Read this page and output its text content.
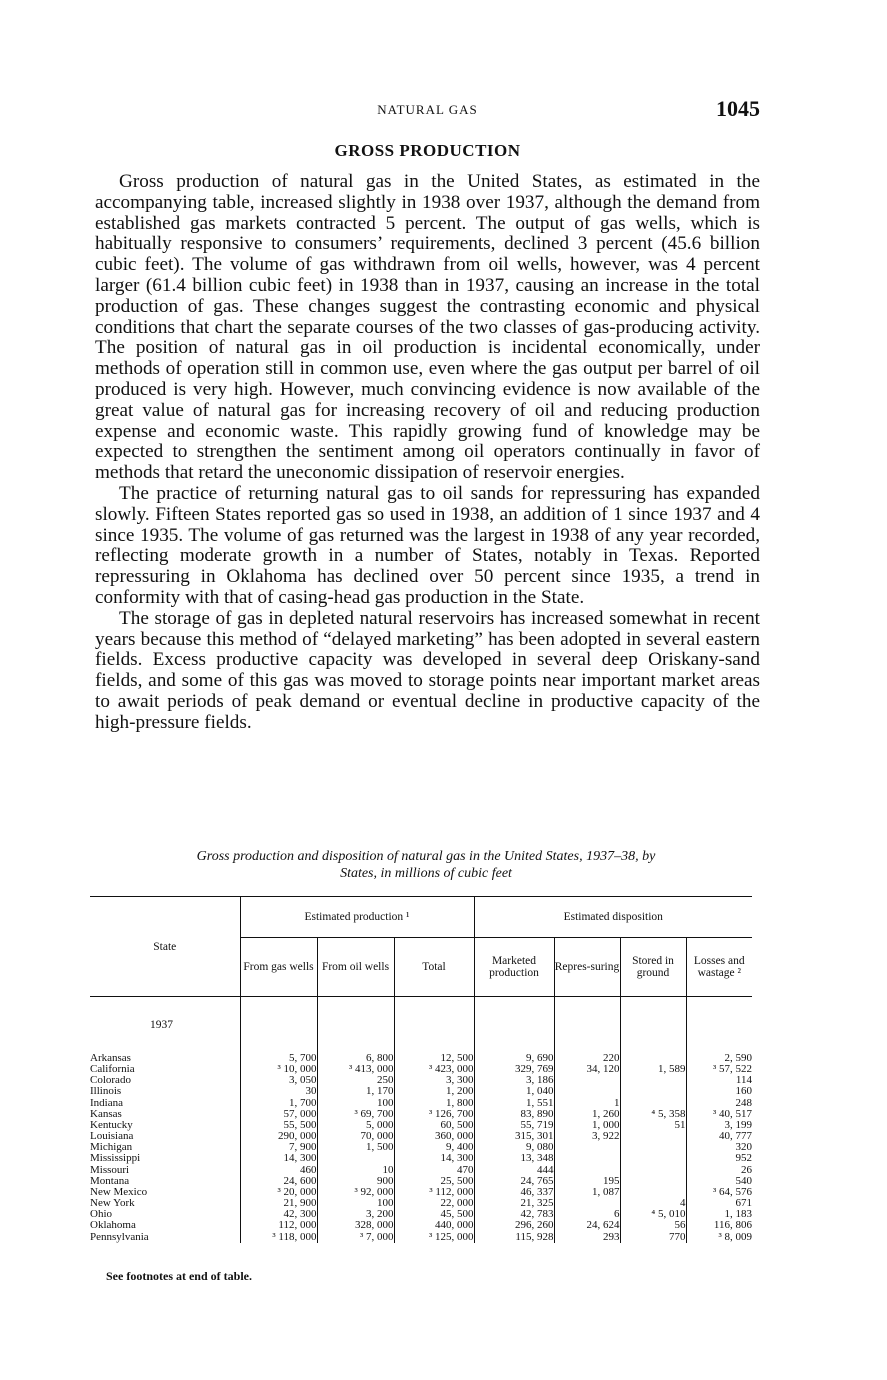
NATURAL GAS	1045
GROSS PRODUCTION

Gross production of natural gas in the United States, as estimated in the accompanying table, increased slightly in 1938 over 1937, although the demand from established gas markets contracted 5 percent. The output of gas wells, which is habitually responsive to consumers’ requirements, declined 3 percent (45.6 billion cubic feet). The volume of gas withdrawn from oil wells, however, was 4 percent larger (61.4 billion cubic feet) in 1938 than in 1937, causing an increase in the total production of gas. These changes suggest the contrasting economic and physical conditions that chart the separate courses of the two classes of gas-producing activity. The position of natural gas in oil production is incidental economically, under methods of operation still in common use, even where the gas output per barrel of oil produced is very high. However, much convincing evidence is now available of the great value of natural gas for increasing recovery of oil and reducing production expense and economic waste. This rapidly growing fund of knowledge may be expected to strengthen the sentiment among oil operators continually in favor of methods that retard the uneconomic dissipation of reservoir energies.

The practice of returning natural gas to oil sands for repressuring has expanded slowly. Fifteen States reported gas so used in 1938, an addition of 1 since 1937 and 4 since 1935. The volume of gas returned was the largest in 1938 of any year recorded, reflecting moderate growth in a number of States, notably in Texas. Reported repressuring in Oklahoma has declined over 50 percent since 1935, a trend in conformity with that of casing-head gas production in the State.

The storage of gas in depleted natural reservoirs has increased somewhat in recent years because this method of “delayed marketing” has been adopted in several eastern fields. Excess productive capacity was developed in several deep Oriskany-sand fields, and some of this gas was moved to storage points near important market areas to await periods of peak demand or eventual decline in productive capacity of the high-pressure fields.

Gross production and disposition of natural gas in the United States, 1937–38, by
States, in millions of cubic feet
State	Estimated production ¹			Estimated disposition			
	From gas wells	From oil wells	Total	Marketed production	Repres-suring	Stored in ground	Losses and wastage ²
1937							
Arkansas	5, 700	6, 800	12, 500	9, 690	220		2, 590
California	³ 10, 000	³ 413, 000	³ 423, 000	329, 769	34, 120	1, 589	³ 57, 522
Colorado	3, 050	250	3, 300	3, 186			114
Illinois	30	1, 170	1, 200	1, 040			160
Indiana	1, 700	100	1, 800	1, 551	1		248
Kansas	57, 000	³ 69, 700	³ 126, 700	83, 890	1, 260	⁴ 5, 358	³ 40, 517
Kentucky	55, 500	5, 000	60, 500	55, 719	1, 000	51	3, 199
Louisiana	290, 000	70, 000	360, 000	315, 301	3, 922		40, 777
Michigan	7, 900	1, 500	9, 400	9, 080			320
Mississippi	14, 300		14, 300	13, 348			952
Missouri	460	10	470	444			26
Montana	24, 600	900	25, 500	24, 765	195		540
New Mexico	³ 20, 000	³ 92, 000	³ 112, 000	46, 337	1, 087		³ 64, 576
New York	21, 900	100	22, 000	21, 325		4	671
Ohio	42, 300	3, 200	45, 500	42, 783	6	⁴ 5, 010	1, 183
Oklahoma	112, 000	328, 000	440, 000	296, 260	24, 624	56	116, 806
Pennsylvania	³ 118, 000	³ 7, 000	³ 125, 000	115, 928	293	770	³ 8, 009
See footnotes at end of table.
